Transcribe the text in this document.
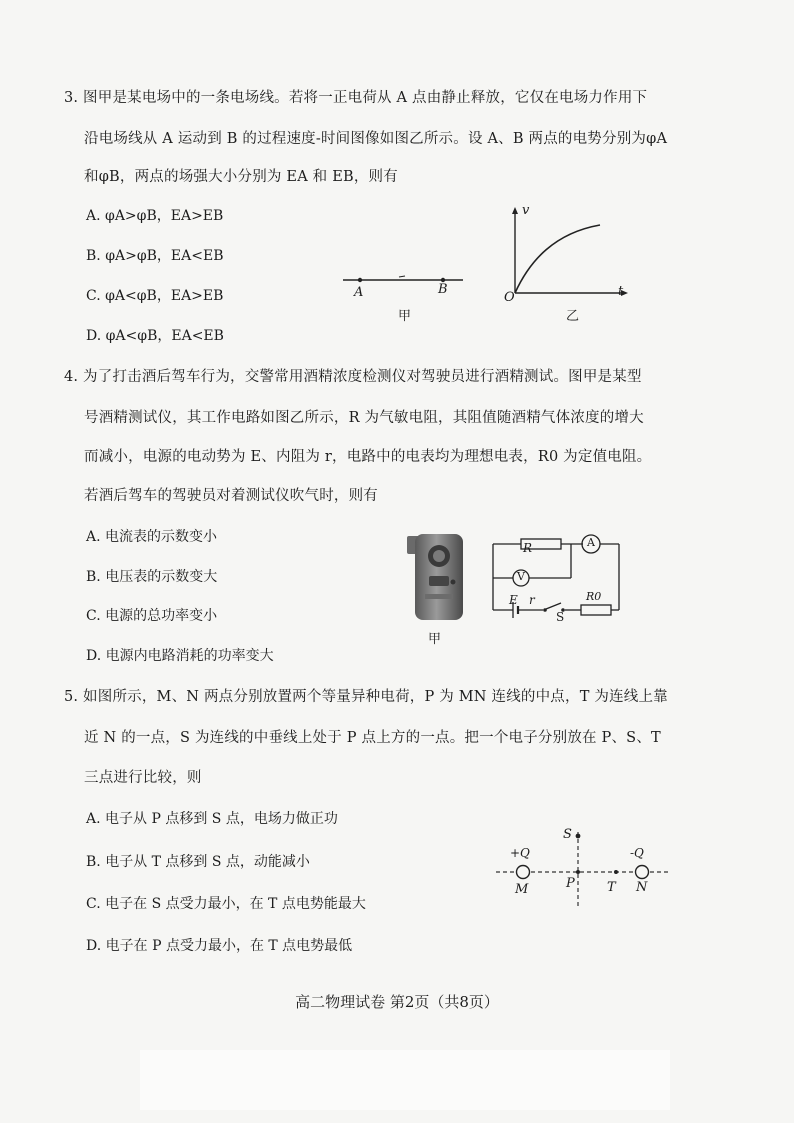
3. 图甲是某电场中的一条电场线。若将一正电荷从 A 点由静止释放，它仅在电场力作用下
沿电场线从 A 运动到 B 的过程速度-时间图像如图乙所示。设 A、B 两点的电势分别为φA
和φB，两点的场强大小分别为 EA 和 EB，则有
A. φA>φB，EA>EB
B. φA>φB，EA<EB
C. φA<φB，EA>EB
D. φA<φB，EA<EB
A	B
甲
v
t
O
乙
4. 为了打击酒后驾车行为，交警常用酒精浓度检测仪对驾驶员进行酒精测试。图甲是某型
号酒精测试仪，其工作电路如图乙所示，R 为气敏电阻，其阻值随酒精气体浓度的增大
而减小，电源的电动势为 E、内阻为 r，电路中的电表均为理想电表，R0 为定值电阻。
若酒后驾车的驾驶员对着测试仪吹气时，则有
A. 电流表的示数变小
B. 电压表的示数变大
C. 电源的总功率变小
D. 电源内电路消耗的功率变大
甲
R	A
V
E r
S
R0
5. 如图所示，M、N 两点分别放置两个等量异种电荷，P 为 MN 连线的中点，T 为连线上靠
近 N 的一点，S 为连线的中垂线上处于 P 点上方的一点。把一个电子分别放在 P、S、T
三点进行比较，则
A. 电子从 P 点移到 S 点，电场力做正功
B. 电子从 T 点移到 S 点，动能减小
C. 电子在 S 点受力最小，在 T 点电势能最大
D. 电子在 P 点受力最小，在 T 点电势最低
+Q	-Q
M	N
P T
S
高二物理试卷 第2页（共8页）
